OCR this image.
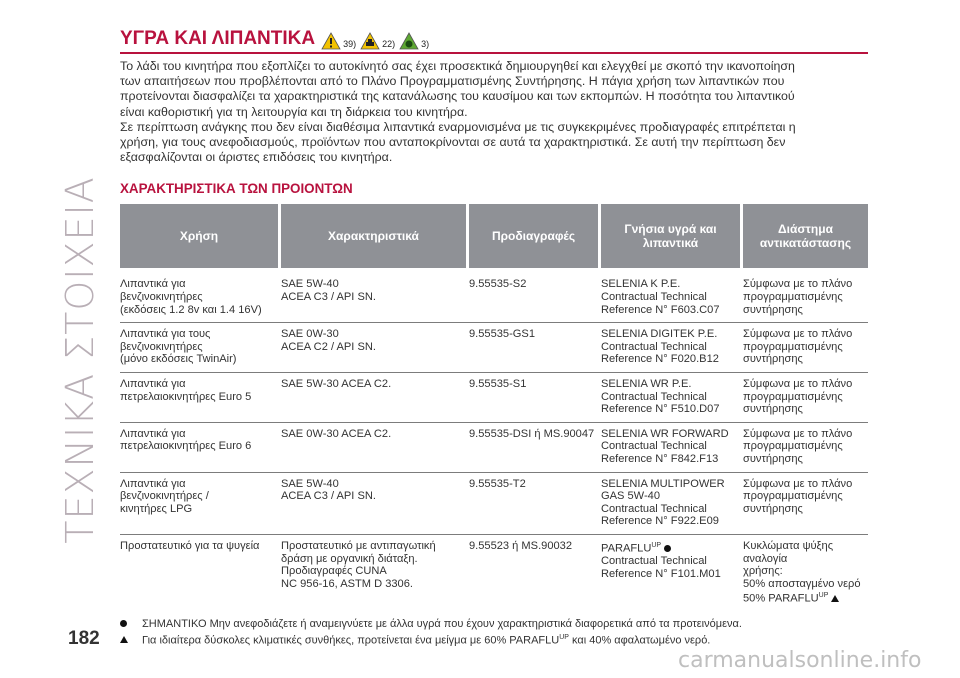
ΤΕΧΝΙΚΑ ΣΤΟΙΧΕΙΑ
182
ΥΓΡΑ ΚΑΙ ΛΙΠΑΝΤΙΚΑ	39)	22)	3)
Το λάδι του κινητήρα που εξοπλίζει το αυτοκίνητό σας έχει προσεκτικά δημιουργηθεί και ελεγχθεί με σκοπό την ικανοποίηση
των απαιτήσεων που προβλέπονται από το Πλάνο Προγραμματισμένης Συντήρησης. Η πάγια χρήση των λιπαντικών που
προτείνονται διασφαλίζει τα χαρακτηριστικά της κατανάλωσης του καυσίμου και των εκπομπών. Η ποσότητα του λιπαντικού
είναι καθοριστική για τη λειτουργία και τη διάρκεια του κινητήρα.
Σε περίπτωση ανάγκης που δεν είναι διαθέσιμα λιπαντικά εναρμονισμένα με τις συγκεκριμένες προδιαγραφές επιτρέπεται η
χρήση, για τους ανεφοδιασμούς, προϊόντων που ανταποκρίνονται σε αυτά τα χαρακτηριστικά. Σε αυτή την περίπτωση δεν
εξασφαλίζονται οι άριστες επιδόσεις του κινητήρα.
ΧΑΡΑΚΤΗΡΙΣΤΙΚΑ ΤΩΝ ΠΡΟΙΟΝΤΩΝ
Χρήση	Χαρακτηριστικά	Προδιαγραφές	Γνήσια υγρά και λιπαντικά	Διάστημα αντικατάστασης

Λιπαντικά για
βενζινοκινητήρες
(εκδόσεις 1.2 8v και 1.4 16V)	SAE 5W-40
ACEA C3 / API SN.	9.55535-S2	SELENIA K P.E.
Contractual Technical
Reference N° F603.C07	Σύμφωνα με το πλάνο
προγραμματισμένης
συντήρησης

Λιπαντικά για τους
βενζινοκινητήρες
(μόνο εκδόσεις TwinAir)	SAE 0W-30
ACEA C2 / API SN.	9.55535-GS1	SELENIA DIGITEK P.E.
Contractual Technical
Reference N° F020.B12	Σύμφωνα με το πλάνο
προγραμματισμένης
συντήρησης

Λιπαντικά για
πετρελαιοκινητήρες Euro 5	SAE 5W-30 ACEA C2.	9.55535-S1	SELENIA WR P.E.
Contractual Technical
Reference N° F510.D07	Σύμφωνα με το πλάνο
προγραμματισμένης
συντήρησης

Λιπαντικά για
πετρελαιοκινητήρες Euro 6	SAE 0W-30 ACEA C2.	9.55535-DSI ή MS.90047	SELENIA WR FORWARD
Contractual Technical
Reference N° F842.F13	Σύμφωνα με το πλάνο
προγραμματισμένης
συντήρησης

Λιπαντικά για
βενζινοκινητήρες /
κινητήρες LPG	SAE 5W-40
ACEA C3 / API SN.	9.55535-T2	SELENIA MULTIPOWER
GAS 5W-40
Contractual Technical
Reference N° F922.E09	Σύμφωνα με το πλάνο
προγραμματισμένης
συντήρησης

Προστατευτικό για τα ψυγεία	Προστατευτικό με αντιπαγωτική
δράση με οργανική διάταξη.
Προδιαγραφές CUNA
NC 956-16, ASTM D 3306.	9.55523 ή MS.90032	$PARAFLU^{UP}$
Contractual Technical
Reference N° F101.M01	Κυκλώματα ψύξης αναλογία
χρήσης:
50% αποσταγμένο νερό
50% $PARAFLU^{UP}$
ΣΗΜΑΝΤΙΚΟ Μην ανεφοδιάζετε ή αναμειγνύετε με άλλα υγρά που έχουν χαρακτηριστικά διαφορετικά από τα προτεινόμενα.
Για ιδιαίτερα δύσκολες κλιματικές συνθήκες, προτείνεται ένα μείγμα με 60% $PARAFLU^{UP}$ και 40% αφαλατωμένο νερό.
carmanualsonline.info
